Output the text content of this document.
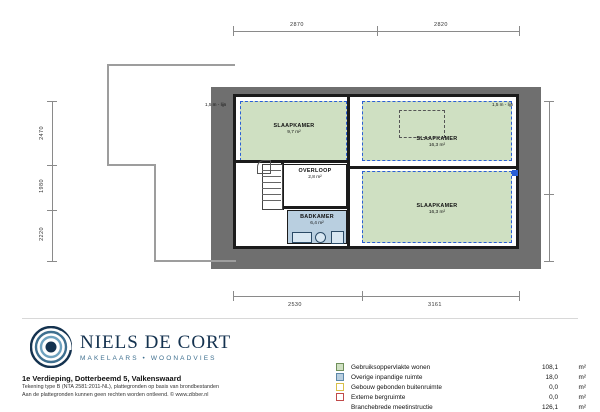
2870	2820
2470
1980
2220
2530	3161
SLAAPKAMER
9,7 m²
SLAAPKAMER
16,3 m²
SLAAPKAMER
16,3 m²
OVERLOOP
2,8 m²
BADKAMER
6,4 m²
1,5 m - lijn	1,5 m - lijn
NIELS DE CORT
MAKELAARS • WOONADVIES
1e Verdieping, Dotterbeemd 5, Valkenswaard
Tekening type B (NTA 2581:2011-NL), plattegronden op basis van brondbestanden
Aan de plattegronden kunnen geen rechten worden ontleend. © www.zibber.nl
Gebruiksoppervlakte wonen	108,1	m²
Overige inpandige ruimte	18,0	m²
Gebouw gebonden buitenruimte	0,0	m²
Externe bergruimte	0,0	m²
Branchebrede meetinstructie	126,1	m²
